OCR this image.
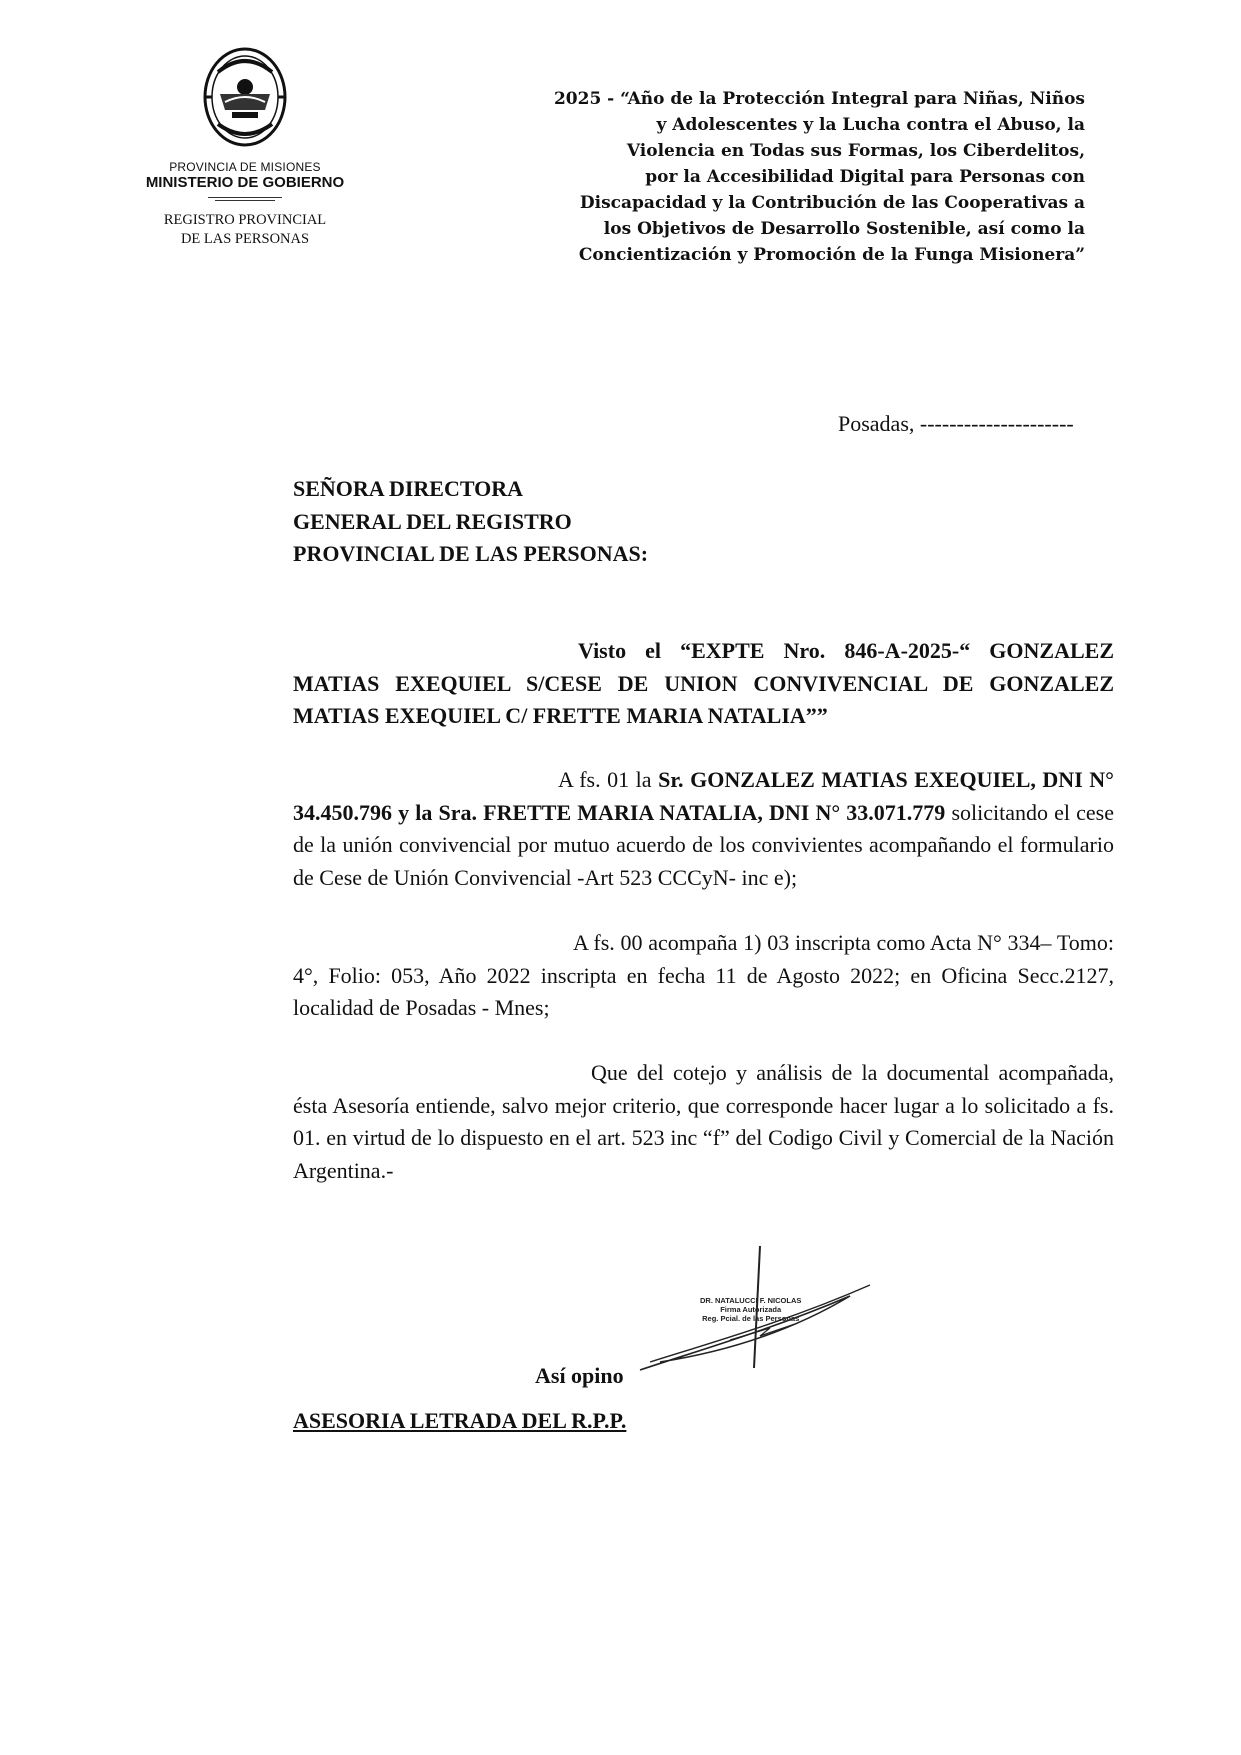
PROVINCIA DE MISIONES
MINISTERIO DE GOBIERNO
REGISTRO PROVINCIAL
DE LAS PERSONAS
2025 - “Año de la Protección Integral para Niñas, Niños
y Adolescentes y la Lucha contra el Abuso, la
Violencia en Todas sus Formas, los Ciberdelitos,
por la Accesibilidad Digital para Personas con
Discapacidad y la Contribución de las Cooperativas a
los Objetivos de Desarrollo Sostenible, así como la
Concientización y Promoción de la Funga Misionera”
Posadas, ---------------------
SEÑORA DIRECTORA
GENERAL DEL REGISTRO
PROVINCIAL DE LAS PERSONAS:
Visto el “EXPTE Nro. 846-A-2025-“ GONZALEZ MATIAS EXEQUIEL S/CESE DE UNION CONVIVENCIAL DE GONZALEZ MATIAS EXEQUIEL C/ FRETTE MARIA NATALIA””
A fs. 01 la Sr. GONZALEZ MATIAS EXEQUIEL, DNI N° 34.450.796 y la Sra. FRETTE MARIA NATALIA, DNI N° 33.071.779 solicitando el cese de la unión convivencial por mutuo acuerdo de los convivientes acompañando el formulario de Cese de Unión Convivencial -Art 523 CCCyN- inc e);
A fs. 00 acompaña 1) 03 inscripta como Acta N° 334– Tomo: 4°, Folio: 053, Año 2022 inscripta en fecha 11 de Agosto 2022; en Oficina Secc.2127, localidad de Posadas - Mnes;
Que del cotejo y análisis de la documental acompañada, ésta Asesoría entiende, salvo mejor criterio, que corresponde hacer lugar a lo solicitado a fs. 01. en virtud de lo dispuesto en el art. 523 inc “f” del Codigo Civil y Comercial de la Nación Argentina.-
DR. NATALUCCI F. NICOLAS
Firma Autorizada
Reg. Pcial. de las Personas
Así opino
ASESORIA LETRADA DEL R.P.P.
